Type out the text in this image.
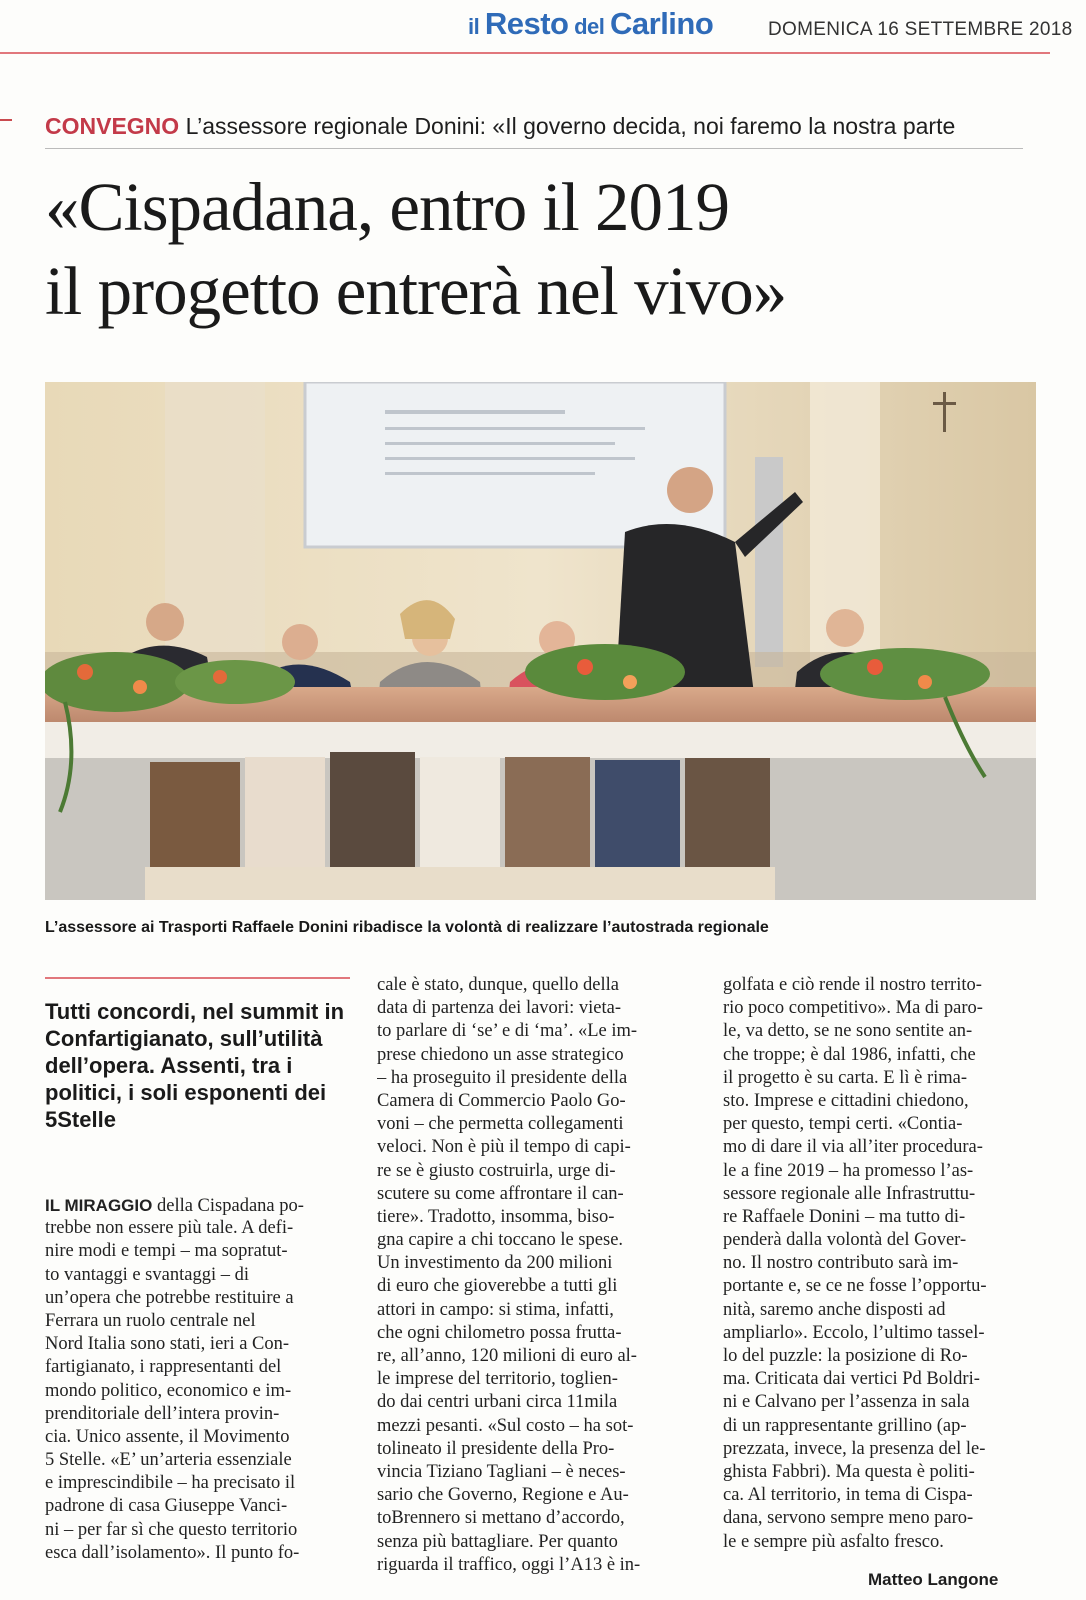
il Resto del Carlino	DOMENICA 16 SETTEMBRE 2018
CONVEGNO L’assessore regionale Donini: «Il governo decida, noi faremo la nostra parte
«Cispadana, entro il 2019
il progetto entrerà nel vivo»
L’assessore ai Trasporti Raffaele Donini ribadisce la volontà di realizzare l’autostrada regionale
Tutti concordi, nel summit in Confartigianato, sull’utilità dell’opera. Assenti, tra i politici, i soli esponenti dei 5Stelle
IL MIRAGGIO della Cispadana po-
trebbe non essere più tale. A defi-
nire modi e tempi – ma sopratut-
to vantaggi e svantaggi – di
un’opera che potrebbe restituire a
Ferrara un ruolo centrale nel
Nord Italia sono stati, ieri a Con-
fartigianato, i rappresentanti del
mondo politico, economico e im-
prenditoriale dell’intera provin-
cia. Unico assente, il Movimento
5 Stelle. «E’ un’arteria essenziale
e imprescindibile – ha precisato il
padrone di casa Giuseppe Vanci-
ni – per far sì che questo territorio
esca dall’isolamento». Il punto fo-
cale è stato, dunque, quello della
data di partenza dei lavori: vieta-
to parlare di ‘se’ e di ‘ma’. «Le im-
prese chiedono un asse strategico
– ha proseguito il presidente della
Camera di Commercio Paolo Go-
voni – che permetta collegamenti
veloci. Non è più il tempo di capi-
re se è giusto costruirla, urge di-
scutere su come affrontare il can-
tiere». Tradotto, insomma, biso-
gna capire a chi toccano le spese.
Un investimento da 200 milioni
di euro che gioverebbe a tutti gli
attori in campo: si stima, infatti,
che ogni chilometro possa frutta-
re, all’anno, 120 milioni di euro al-
le imprese del territorio, toglien-
do dai centri urbani circa 11mila
mezzi pesanti. «Sul costo – ha sot-
tolineato il presidente della Pro-
vincia Tiziano Tagliani – è neces-
sario che Governo, Regione e Au-
toBrennero si mettano d’accordo,
senza più battagliare. Per quanto
riguarda il traffico, oggi l’A13 è in-
golfata e ciò rende il nostro territo-
rio poco competitivo». Ma di paro-
le, va detto, se ne sono sentite an-
che troppe; è dal 1986, infatti, che
il progetto è su carta. E lì è rima-
sto. Imprese e cittadini chiedono,
per questo, tempi certi. «Contia-
mo di dare il via all’iter procedura-
le a fine 2019 – ha promesso l’as-
sessore regionale alle Infrastruttu-
re Raffaele Donini – ma tutto di-
penderà dalla volontà del Gover-
no. Il nostro contributo sarà im-
portante e, se ce ne fosse l’opportu-
nità, saremo anche disposti ad
ampliarlo». Eccolo, l’ultimo tassel-
lo del puzzle: la posizione di Ro-
ma. Criticata dai vertici Pd Boldri-
ni e Calvano per l’assenza in sala
di un rappresentante grillino (ap-
prezzata, invece, la presenza del le-
ghista Fabbri). Ma questa è politi-
ca. Al territorio, in tema di Cispa-
dana, servono sempre meno paro-
le e sempre più asfalto fresco.
Matteo Langone
